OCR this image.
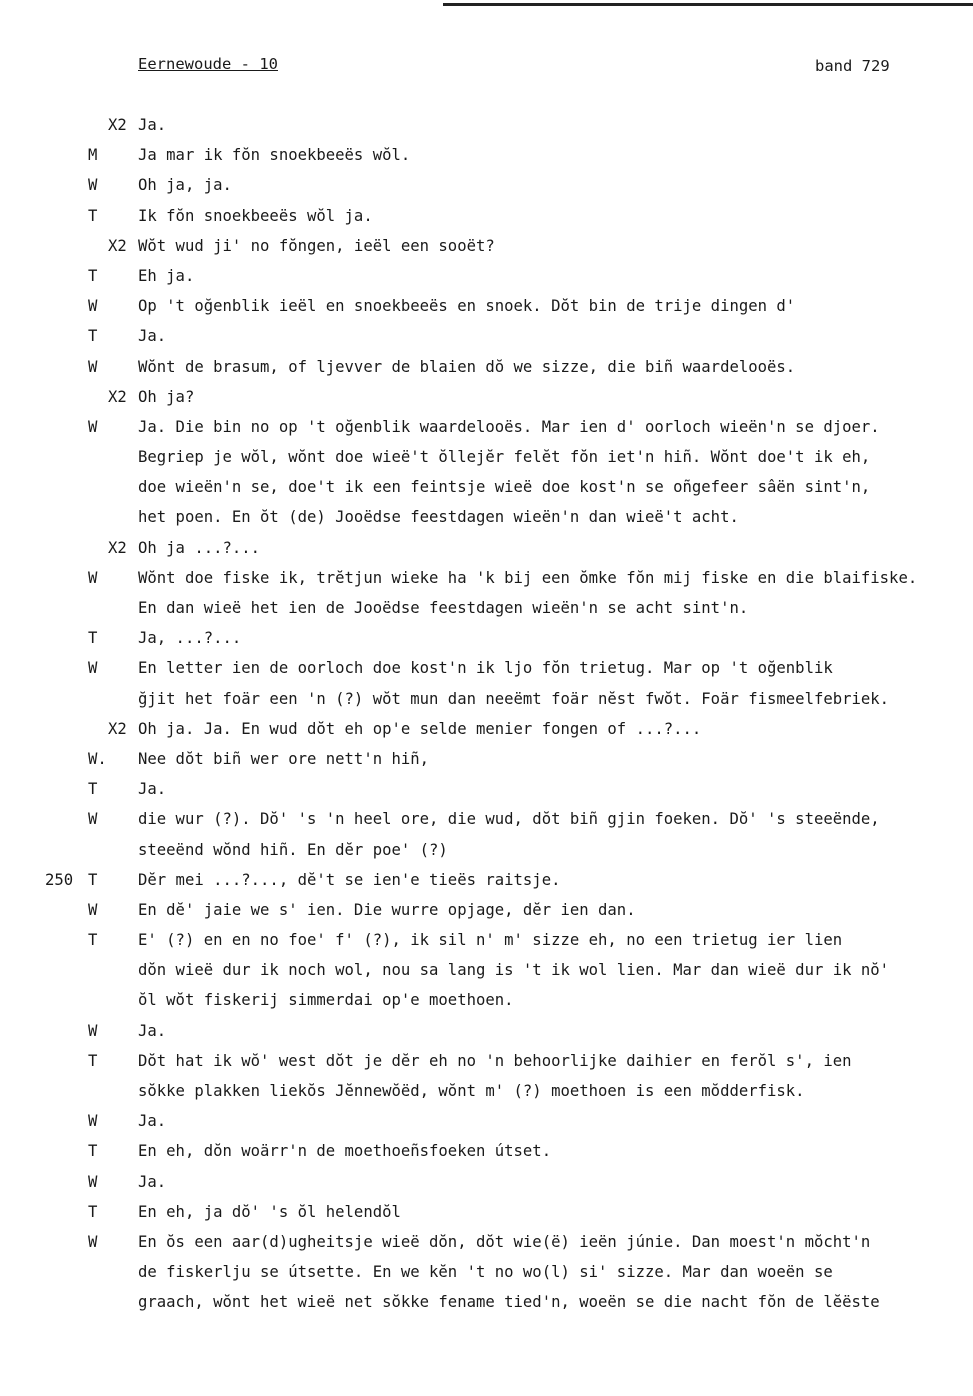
Eernewoude - 10	band 729
X2 Ja.
M	Ja mar ik fŏn snoekbeeës wŏl.
W	Oh ja, ja.
T	Ik fŏn snoekbeeës wŏl ja.
X2 Wŏt wud ji' no fŏngen, ieël een sooët?
T	Eh ja.
W	Op 't oğenblik ieël en snoekbeeës en snoek. Dŏt bin de trije dingen d'
T	Ja.
W	Wŏnt de brasum, of ljevver de blaien dŏ we sizze, die biñ waardelooës.
X2 Oh ja?
W	Ja. Die bin no op 't oğenblik waardelooës. Mar ien d' oorloch wieën'n se djoer.
Begriep je wŏl, wŏnt doe wieë't ŏllejĕr felĕt fŏn iet'n hiñ. Wŏnt doe't ik eh,
doe wieën'n se, doe't ik een feintsje wieë doe kost'n se oñgefeer sâën sint'n,
het poen. En ŏt (de) Jooëdse feestdagen wieën'n dan wieë't acht.
X2 Oh ja ...?...
W	Wŏnt doe fiske ik, trĕtjun wieke ha 'k bij een ŏmke fŏn mij fiske en die blaifiske.
En dan wieë het ien de Jooëdse feestdagen wieën'n se acht sint'n.
T	Ja, ...?...
W	En letter ien de oorloch doe kost'n ik ljo fŏn trietug. Mar op 't oğenblik
ğjit het foär een 'n (?) wŏt mun dan neeëmt foär nĕst fwŏt. Foär fismeelfebriek.
X2 Oh ja. Ja. En wud dŏt eh op'e selde menier fongen of ...?...
W.	Nee dŏt biñ wer ore nett'n hiñ,
T	Ja.
W	die wur (?). Dŏ' 's 'n heel ore, die wud, dŏt biñ gjin foeken. Dŏ' 's steeënde,
steeënd wŏnd hiñ. En dĕr poe' (?)
250 T	Dĕr mei ...?..., dĕ't se ien'e tieës raitsje.
W	En dĕ' jaie we s' ien. Die wurre opjage, dĕr ien dan.
T	E' (?) en en no foe' f' (?), ik sil n' m' sizze eh, no een trietug ier lien
dŏn wieë dur ik noch wol, nou sa lang is 't ik wol lien. Mar dan wieë dur ik nŏ'
ŏl wŏt fiskerij simmerdai op'e moethoen.
W	Ja.
T	Dŏt hat ik wŏ' west dŏt je dĕr eh no 'n behoorlijke daihier en ferŏl s', ien
sŏkke plakken liekŏs Jĕnnewŏëd, wŏnt m' (?) moethoen is een mŏdderfisk.
W	Ja.
T	En eh, dŏn woärr'n de moethoeñsfoeken útset.
W	Ja.
T	En eh, ja dŏ' 's ŏl helendŏl
W	En ŏs een aar(d)ugheitsje wieë dŏn, dŏt wie(ë) ieën júnie. Dan moest'n mŏcht'n
de fiskerlju se útsette. En we kĕn 't no wo(l) si' sizze. Mar dan woeën se
graach, wŏnt het wieë net sŏkke fename tied'n, woeën se die nacht fŏn de lĕëste
